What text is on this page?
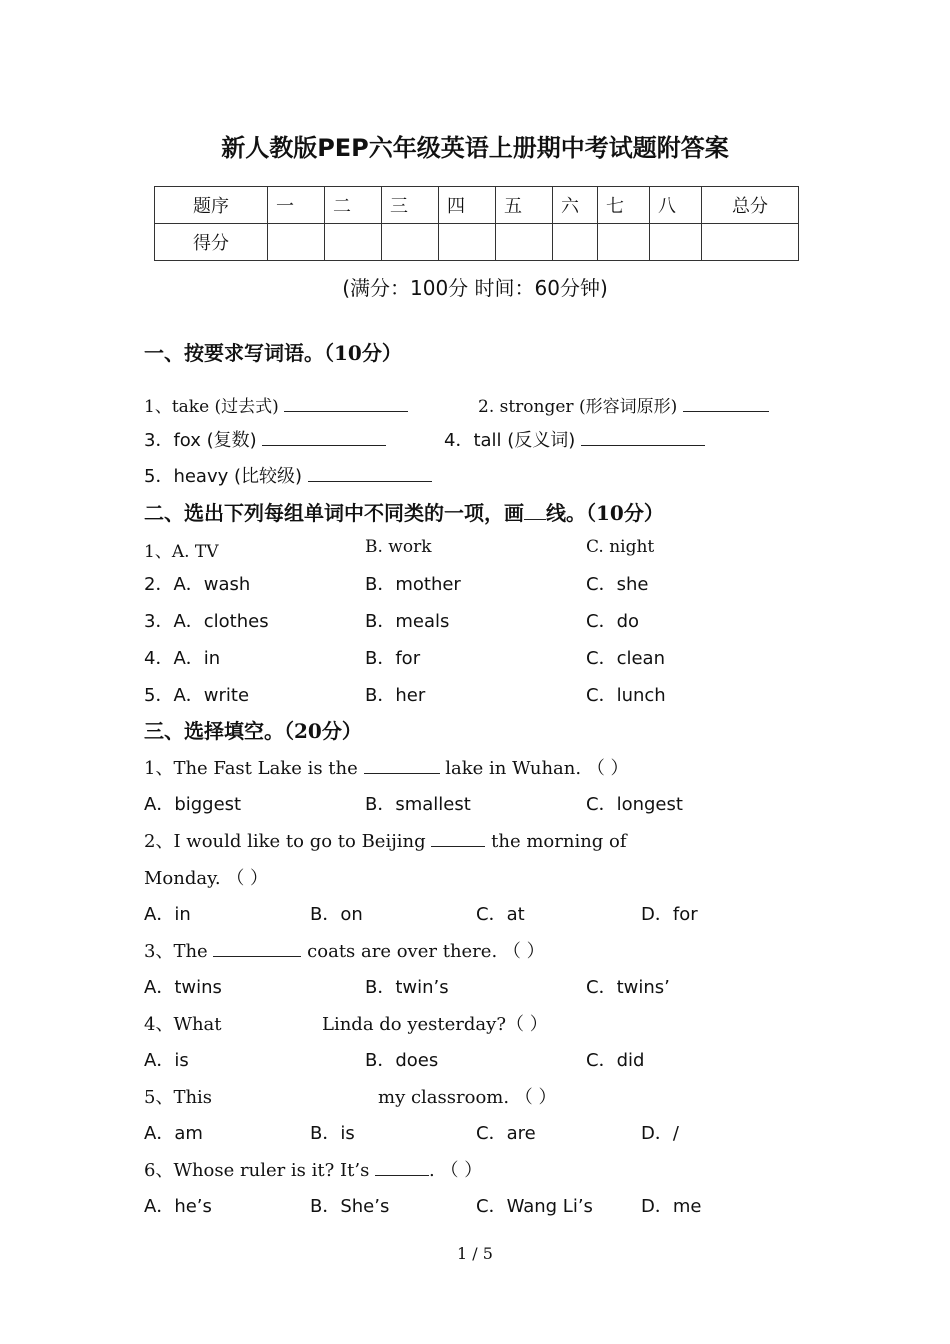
新人教版PEP六年级英语上册期中考试题附答案
题序	一	二	三	四	五	六	七	八	总分

得分									

(满分：100分 时间：60分钟)
一、按要求写词语。（10分）
1、take (过去式)	2. stronger (形容词原形)
3．fox (复数)	4．tall (反义词)
5．heavy (比较级)
二、选出下列每组单词中不同类的一项，画 线。（10分）
1、A. TV	B. work	C. night
2．A．wash	B．mother	C．she
3．A．clothes	B．meals	C．do
4．A．in	B．for	C．clean
5．A．write	B．her	C．lunch
三、选择填空。（20分）
1、The Fast Lake is the	lake in Wuhan. （ ）
A．biggest	B．smallest	C．longest
2、I would like to go to Beijing	the morning of
Monday. （ ）
A．in	B．on	C．at	D．for
3、The	coats are over there. （ ）
A．twins	B．twin’s	C．twins’
4、What	Linda do yesterday?（ ）
A．is	B．does	C．did
5、This	my classroom. （ ）
A．am	B．is	C．are	D．/
6、Whose ruler is it? It’s	. （ ）
A．he’s	B．She’s	C．Wang Li’s	D．me
1 / 5
